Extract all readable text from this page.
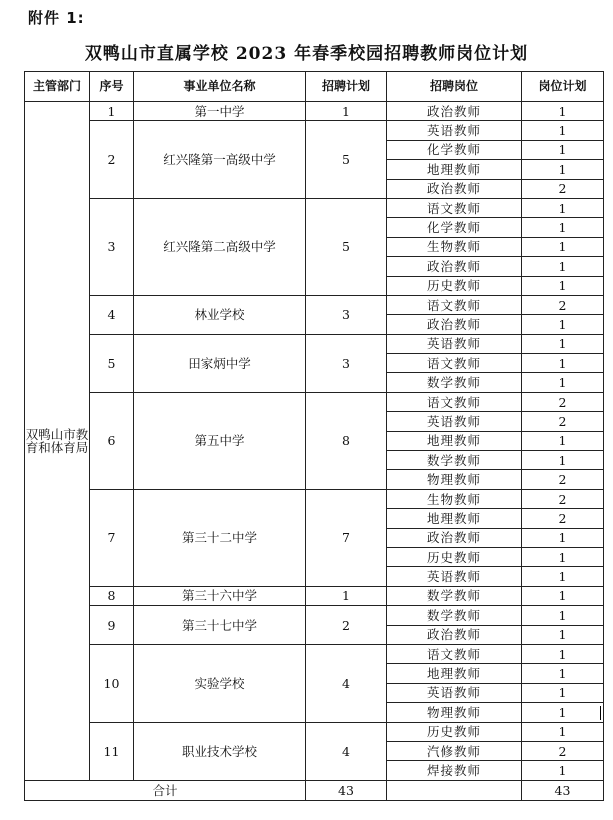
附件 1:
双鸭山市直属学校 2023 年春季校园招聘教师岗位计划
主管部门	序号	事业单位名称	招聘计划	招聘岗位	岗位计划
双鸭山市教育和体育局	1	第一中学	1	政治教师	1
	2	红兴隆第一高级中学	5	英语教师	1
				化学教师	1
				地理教师	1
				政治教师	2
	3	红兴隆第二高级中学	5	语文教师	1
				化学教师	1
				生物教师	1
				政治教师	1
				历史教师	1
	4	林业学校	3	语文教师	2
				政治教师	1
	5	田家炳中学	3	英语教师	1
				语文教师	1
				数学教师	1
	6	第五中学	8	语文教师	2
				英语教师	2
				地理教师	1
				数学教师	1
				物理教师	2
	7	第三十二中学	7	生物教师	2
				地理教师	2
				政治教师	1
				历史教师	1
				英语教师	1
	8	第三十六中学	1	数学教师	1
	9	第三十七中学	2	数学教师	1
				政治教师	1
	10	实验学校	4	语文教师	1
				地理教师	1
				英语教师	1
				物理教师	1
	11	职业技术学校	4	历史教师	1
				汽修教师	2
				焊接教师	1
合计			43		43
